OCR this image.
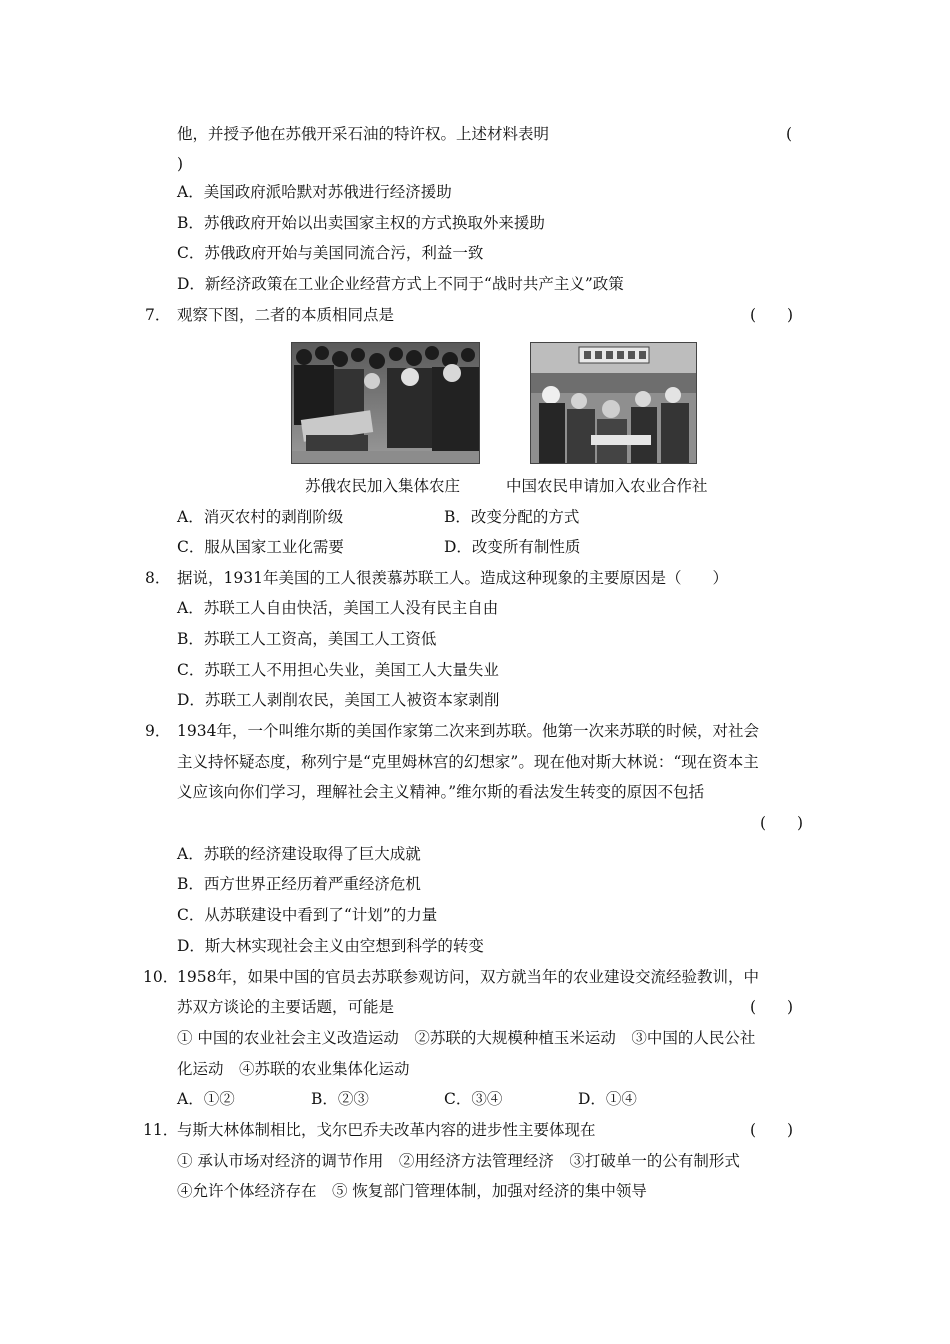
他，并授予他在苏俄开采石油的特许权。上述材料表明	(
)
A．美国政府派哈默对苏俄进行经济援助
B．苏俄政府开始以出卖国家主权的方式换取外来援助
C．苏俄政府开始与美国同流合污，利益一致
D．新经济政策在工业企业经营方式上不同于“战时共产主义”政策
7． 观察下图，二者的本质相同点是	(　　)
苏俄农民加入集体农庄	中国农民申请加入农业合作社
A．消灭农村的剥削阶级	B．改变分配的方式
C．服从国家工业化需要	D．改变所有制性质
8． 据说，1931年美国的工人很羡慕苏联工人。造成这种现象的主要原因是（　　）
A．苏联工人自由快活，美国工人没有民主自由
B．苏联工人工资高，美国工人工资低
C．苏联工人不用担心失业，美国工人大量失业
D．苏联工人剥削农民，美国工人被资本家剥削
9． 1934年，一个叫维尔斯的美国作家第二次来到苏联。他第一次来苏联的时候，对社会
主义持怀疑态度，称列宁是“克里姆林宫的幻想家”。现在他对斯大林说：“现在资本主
义应该向你们学习，理解社会主义精神。”维尔斯的看法发生转变的原因不包括
(　　)
A．苏联的经济建设取得了巨大成就
B．西方世界正经历着严重经济危机
C．从苏联建设中看到了“计划”的力量
D．斯大林实现社会主义由空想到科学的转变
10．
1958年，如果中国的官员去苏联参观访问，双方就当年的农业建设交流经验教训，中
苏双方谈论的主要话题，可能是	(　　)
① 中国的农业社会主义改造运动　②苏联的大规模种植玉米运动　③中国的人民公社
化运动　④苏联的农业集体化运动
A．①②	B．②③	C．③④	D．①④
11．
与斯大林体制相比，戈尔巴乔夫改革内容的进步性主要体现在	(　　)
① 承认市场对经济的调节作用　②用经济方法管理经济　③打破单一的公有制形式
④允许个体经济存在　⑤ 恢复部门管理体制，加强对经济的集中领导
